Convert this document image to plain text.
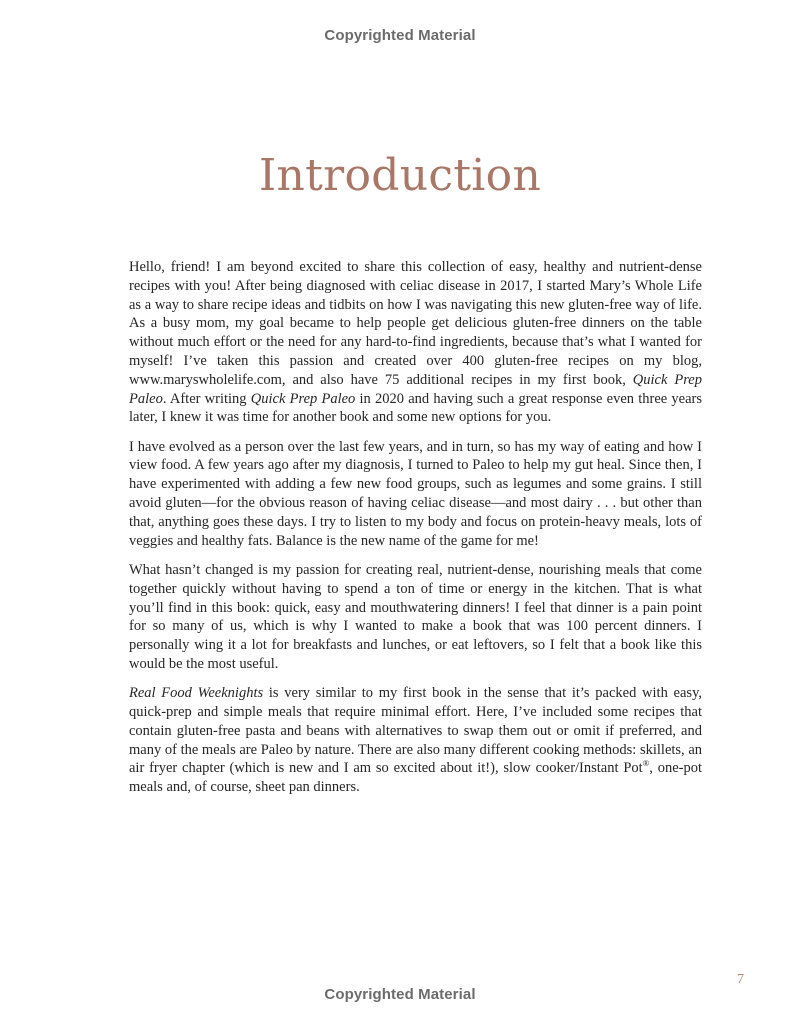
Copyrighted Material
Introduction

Hello, friend! I am beyond excited to share this collection of easy, healthy and nutrient-dense recipes with you! After being diagnosed with celiac disease in 2017, I started Mary’s Whole Life as a way to share recipe ideas and tidbits on how I was navigating this new gluten-free way of life. As a busy mom, my goal became to help people get delicious gluten-free dinners on the table without much effort or the need for any hard-to-find ingredients, because that’s what I wanted for myself! I’ve taken this passion and created over 400 gluten-free recipes on my blog, www.maryswholelife.com, and also have 75 additional recipes in my first book, Quick Prep Paleo. After writing Quick Prep Paleo in 2020 and having such a great response even three years later, I knew it was time for another book and some new options for you.

I have evolved as a person over the last few years, and in turn, so has my way of eating and how I view food. A few years ago after my diagnosis, I turned to Paleo to help my gut heal. Since then, I have experimented with adding a few new food groups, such as legumes and some grains. I still avoid gluten—for the obvious reason of having celiac disease—and most dairy . . . but other than that, anything goes these days. I try to listen to my body and focus on protein-heavy meals, lots of veggies and healthy fats. Balance is the new name of the game for me!

What hasn’t changed is my passion for creating real, nutrient-dense, nourishing meals that come together quickly without having to spend a ton of time or energy in the kitchen. That is what you’ll find in this book: quick, easy and mouthwatering dinners! I feel that dinner is a pain point for so many of us, which is why I wanted to make a book that was 100 percent dinners. I personally wing it a lot for breakfasts and lunches, or eat leftovers, so I felt that a book like this would be the most useful.

Real Food Weeknights is very similar to my first book in the sense that it’s packed with easy, quick-prep and simple meals that require minimal effort. Here, I’ve included some recipes that contain gluten-free pasta and beans with alternatives to swap them out or omit if preferred, and many of the meals are Paleo by nature. There are also many different cooking methods: skillets, an air fryer chapter (which is new and I am so excited about it!), slow cooker/Instant Pot®, one-pot meals and, of course, sheet pan dinners.

7
Copyrighted Material
